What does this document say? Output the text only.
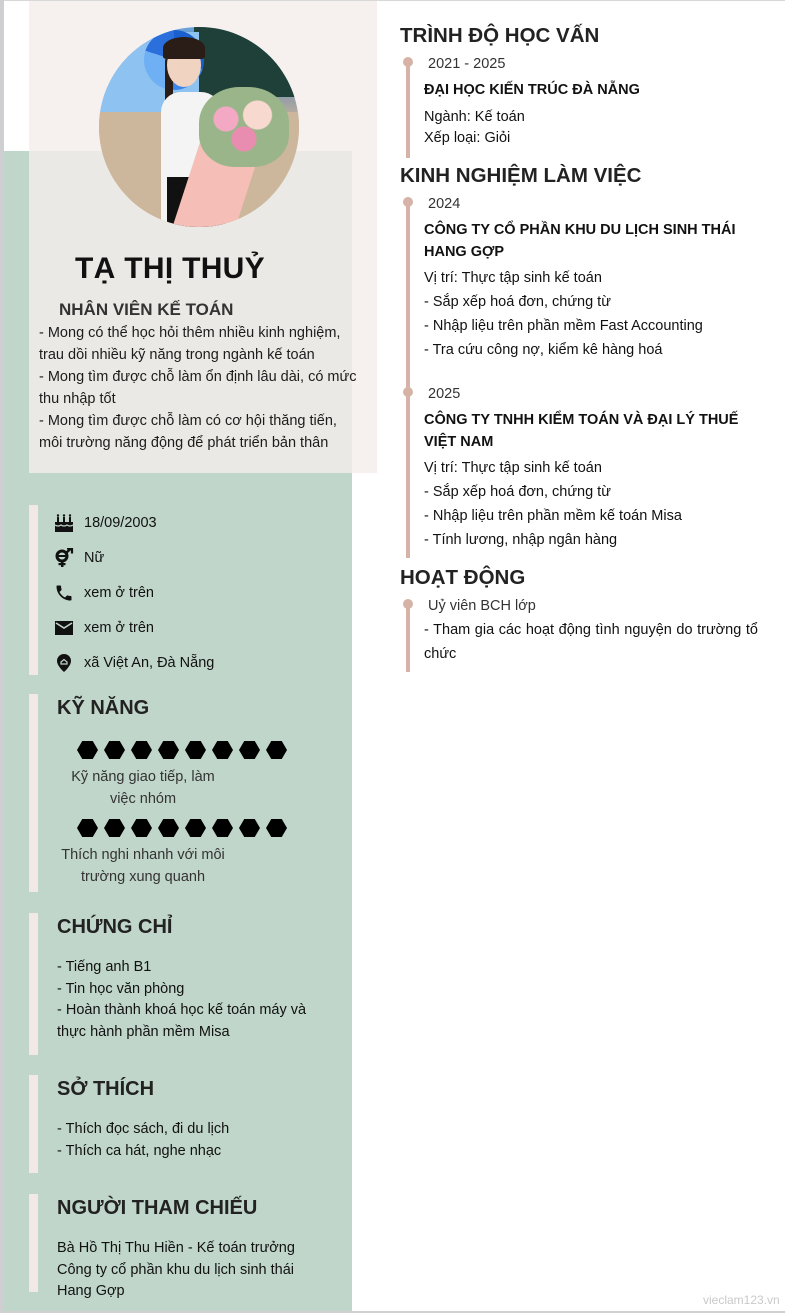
TẠ THỊ THUỶ
NHÂN VIÊN KẾ TOÁN
- Mong có thể học hỏi thêm nhiều kinh nghiệm, trau dồi nhiều kỹ năng trong ngành kế toán
- Mong tìm được chỗ làm ổn định lâu dài, có mức thu nhập tốt
- Mong tìm được chỗ làm có cơ hội thăng tiến, môi trường năng động để phát triển bản thân
18/09/2003
Nữ
xem ở trên
xem ở trên
xã Việt An, Đà Nẵng
KỸ NĂNG
Kỹ năng giao tiếp, làm việc nhóm
Thích nghi nhanh với môi trường xung quanh
CHỨNG CHỈ
- Tiếng anh B1
- Tin học văn phòng
- Hoàn thành khoá học kế toán máy và thực hành phần mềm Misa
SỞ THÍCH
- Thích đọc sách, đi du lịch
- Thích ca hát, nghe nhạc
NGƯỜI THAM CHIẾU
Bà Hồ Thị Thu Hiền - Kế toán trưởng Công ty cổ phần khu du lịch sinh thái Hang Gợp
TRÌNH ĐỘ HỌC VẤN
2021 - 2025
ĐẠI HỌC KIẾN TRÚC ĐÀ NẴNG
Ngành: Kế toán
Xếp loại: Giỏi
KINH NGHIỆM LÀM VIỆC
2024
CÔNG TY CỔ PHẦN KHU DU LỊCH SINH THÁI HANG GỢP
Vị trí: Thực tập sinh kế toán
- Sắp xếp hoá đơn, chứng từ
- Nhập liệu trên phần mềm Fast Accounting
- Tra cứu công nợ, kiểm kê hàng hoá
2025
CÔNG TY TNHH KIỂM TOÁN VÀ ĐẠI LÝ THUẾ VIỆT NAM
Vị trí: Thực tập sinh kế toán
- Sắp xếp hoá đơn, chứng từ
- Nhập liệu trên phần mềm kế toán Misa
- Tính lương, nhập ngân hàng
HOẠT ĐỘNG
Uỷ viên BCH lớp
- Tham gia các hoạt động tình nguyện do trường tổ chức
vieclam123.vn
